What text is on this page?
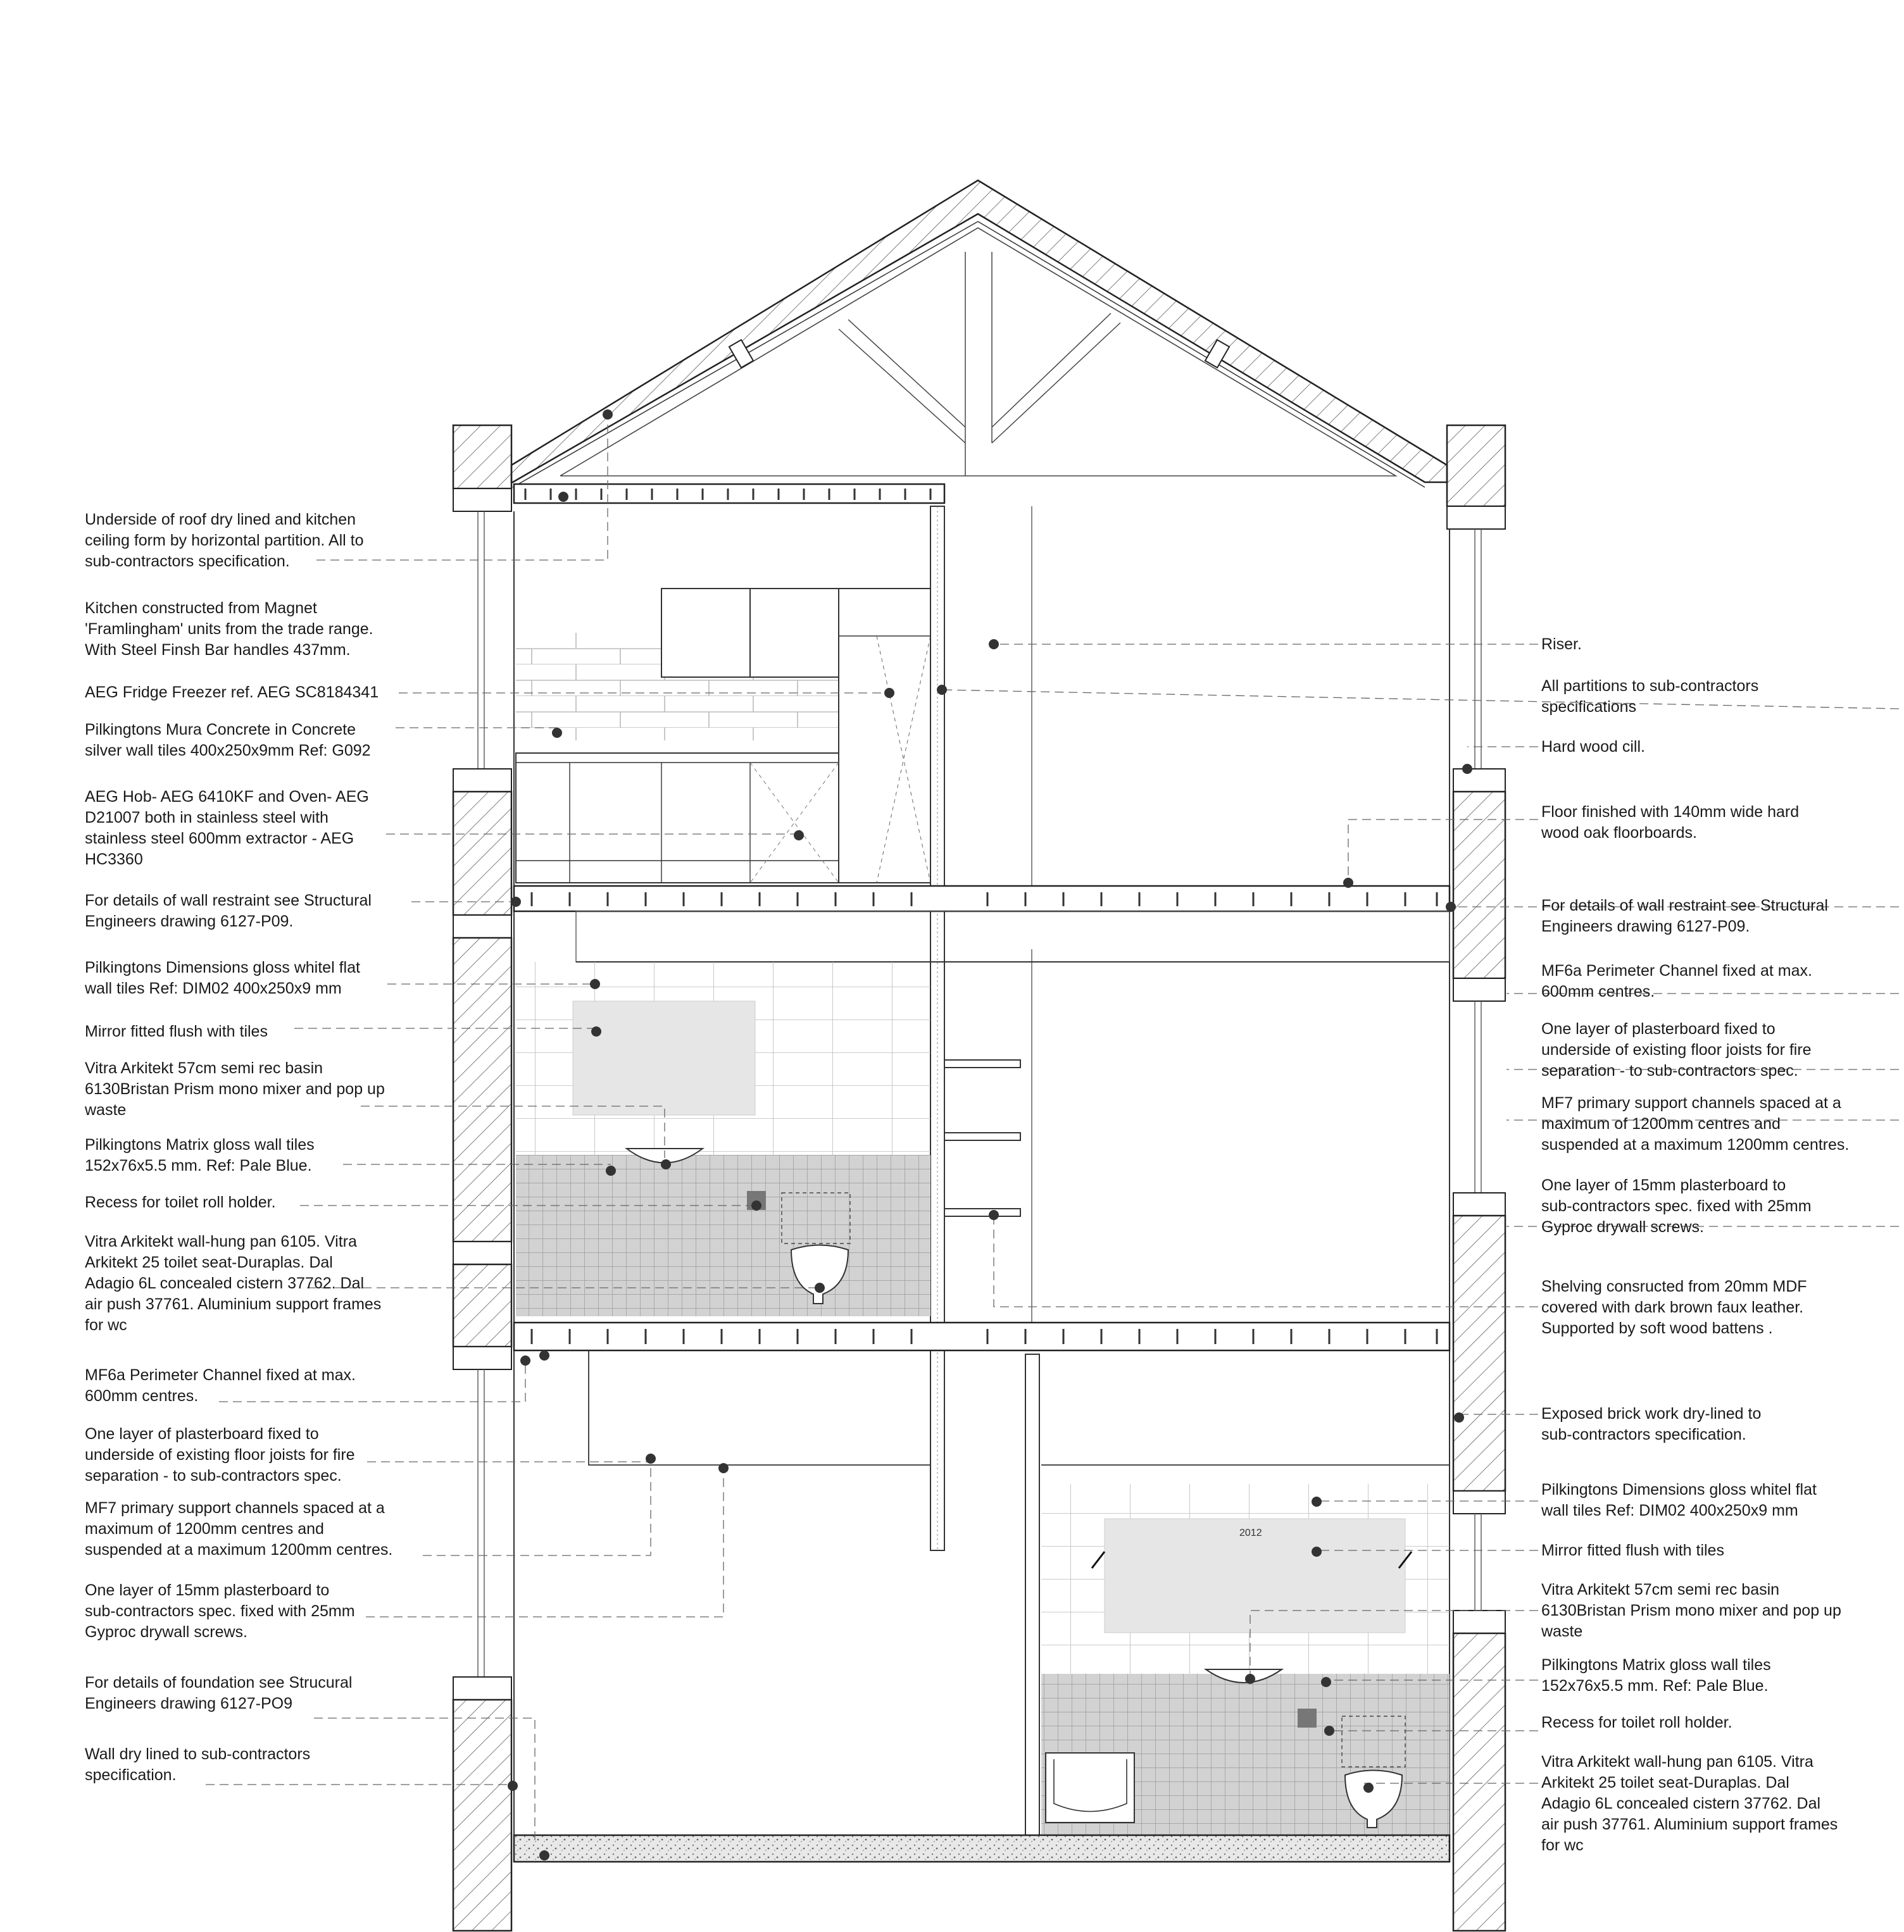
2012

Underside of roof dry lined and kitchen
ceiling form by horizontal partition. All to
sub-contractors specification.

Kitchen constructed from Magnet
'Framlingham' units from the trade range.
With Steel Finsh Bar handles 437mm.

AEG Fridge Freezer ref. AEG SC8184341

Pilkingtons Mura Concrete in Concrete
silver wall tiles 400x250x9mm Ref: G092

AEG Hob- AEG 6410KF and Oven- AEG
D21007 both in stainless steel with
stainless steel 600mm extractor - AEG
HC3360

For details of wall restraint see Structural
Engineers drawing 6127-P09.

Pilkingtons Dimensions gloss whitel flat
wall tiles Ref: DIM02 400x250x9 mm

Mirror fitted flush with tiles

Vitra Arkitekt 57cm semi rec basin
6130Bristan Prism mono mixer and pop up
waste

Pilkingtons Matrix gloss wall tiles
152x76x5.5 mm. Ref: Pale Blue.

Recess for toilet roll holder.

Vitra Arkitekt wall-hung pan 6105. Vitra
Arkitekt 25 toilet seat-Duraplas. Dal
Adagio 6L concealed cistern 37762. Dal
air push 37761. Aluminium support frames
for wc

MF6a Perimeter Channel fixed at max.
600mm centres.

One layer of plasterboard fixed to
underside of existing floor joists for fire
separation - to sub-contractors spec.

MF7 primary support channels spaced at a
maximum of 1200mm centres and
suspended at a maximum 1200mm centres.

One layer of 15mm plasterboard to
sub-contractors spec. fixed with 25mm
Gyproc drywall screws.

For details of foundation see Strucural
Engineers drawing 6127-PO9

Wall dry lined to sub-contractors
specification.

Riser.

All partitions to sub-contractors
specifications

Hard wood cill.

Floor finished with 140mm wide hard
wood oak floorboards.

For details of wall restraint see Structural
Engineers drawing 6127-P09.

MF6a Perimeter Channel fixed at max.
600mm centres.

One layer of plasterboard fixed to
underside of existing floor joists for fire
separation - to sub-contractors spec.

MF7 primary support channels spaced at a
maximum of 1200mm centres and
suspended at a maximum 1200mm centres.

One layer of 15mm plasterboard to
sub-contractors spec. fixed with 25mm
Gyproc drywall screws.

Shelving consructed from 20mm MDF
covered with dark brown faux leather.
Supported by soft wood battens .

Exposed brick work dry-lined to
sub-contractors specification.

Pilkingtons Dimensions gloss whitel flat
wall tiles Ref: DIM02 400x250x9 mm

Mirror fitted flush with tiles

Vitra Arkitekt 57cm semi rec basin
6130Bristan Prism mono mixer and pop up
waste

Pilkingtons Matrix gloss wall tiles
152x76x5.5 mm. Ref: Pale Blue.

Recess for toilet roll holder.

Vitra Arkitekt wall-hung pan 6105. Vitra
Arkitekt 25 toilet seat-Duraplas. Dal
Adagio 6L concealed cistern 37762. Dal
air push 37761. Aluminium support frames
for wc
